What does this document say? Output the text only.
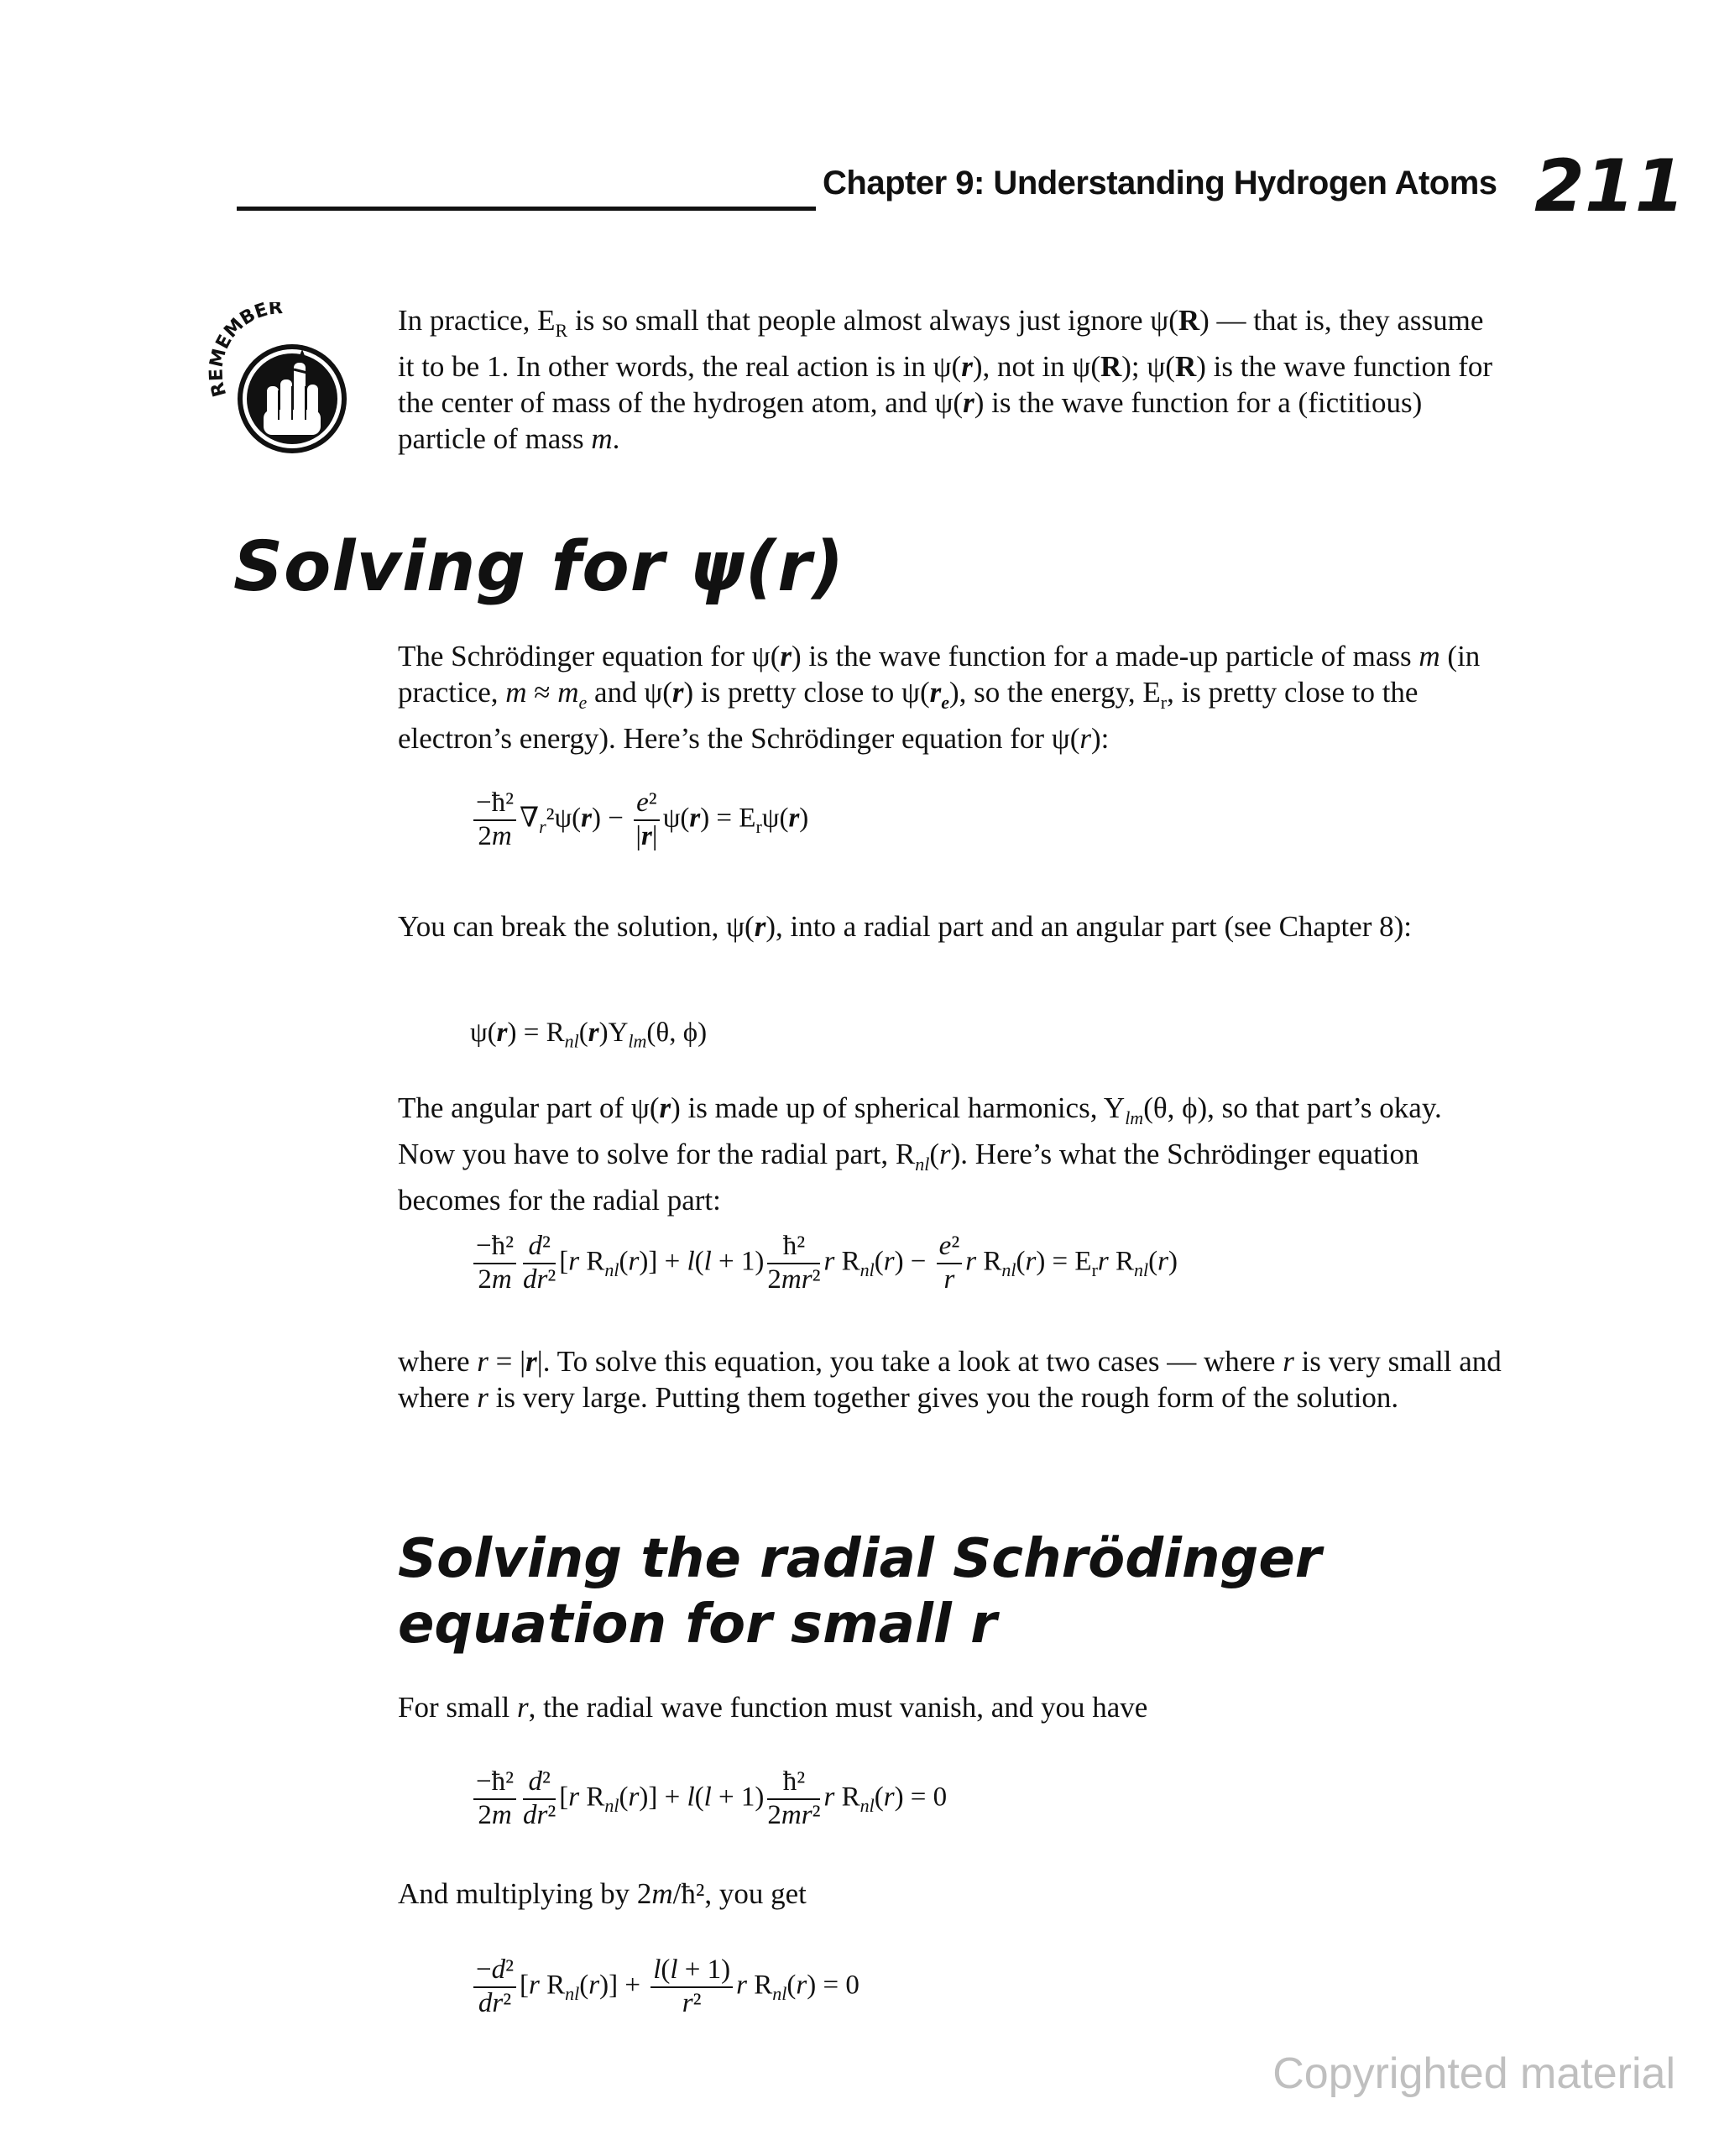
Chapter 9: Understanding Hydrogen Atoms 211
REMEMBER	In practice, $E_R$ is so small that people almost always just ignore ψ(R) — that is, they assume it to be 1. In other words, the real action is in ψ(r), not in ψ(R); ψ(R) is the wave function for the center of mass of the hydrogen atom, and ψ(r) is the wave function for a (fictitious) particle of mass m.
Solving for ψ(r)
The Schrödinger equation for ψ(r) is the wave function for a made-up particle of mass m (in practice, $m \approx m_e$ and ψ(r) is pretty close to $\psi(r_e)$, so the energy, $E_r$, is pretty close to the electron’s energy). Here’s the Schrödinger equation for ψ(r):
$\frac{\text{−ħ²}}{2m} \nabla_r^2\psi(r) - \frac{\text{e²}}{|r|} \psi(r) = E_r\psi(r)$
You can break the solution, ψ(r), into a radial part and an angular part (see Chapter 8):
$\psi(r) = R_{nl}(r)Y_{lm}(\theta$, ϕ)
The angular part of ψ(r) is made up of spherical harmonics, $Y_{lm}(\theta$, ϕ), so that part’s okay. Now you have to solve for the radial part, $R_{nl}(r)$. Here’s what the Schrödinger equation becomes for the radial part:
$\frac{\text{−ħ²}}{2m} \frac{\text{d²}}{\text{dr²}} [r$ $R_{nl}(r)] + l(l + 1) \frac{\text{ħ²}}{\text{2mr²}}$ r $R_{nl}(r) - \frac{\text{e²}}{r}$ r $R_{nl}(r) = E_rr$ $R_{nl}(r)$
where r = |r|. To solve this equation, you take a look at two cases — where r is very small and where r is very large. Putting them together gives you the rough form of the solution.
Solving the radial Schrödinger equation for small r
For small r, the radial wave function must vanish, and you have
$\frac{\text{−ħ²}}{2m} \frac{\text{d²}}{\text{dr²}} [r$ $R_{nl}(r)] + l(l + 1) \frac{\text{ħ²}}{\text{2mr²}}$ r $R_{nl}(r) = 0$
And multiplying by 2m/ħ², you get
$\frac{\text{−d²}}{\text{dr²}} [r$ $R_{nl}(r)] + \frac{l(l + 1)}{\text{r²}}$ r $R_{nl}(r) = 0$
Copyrighted material
